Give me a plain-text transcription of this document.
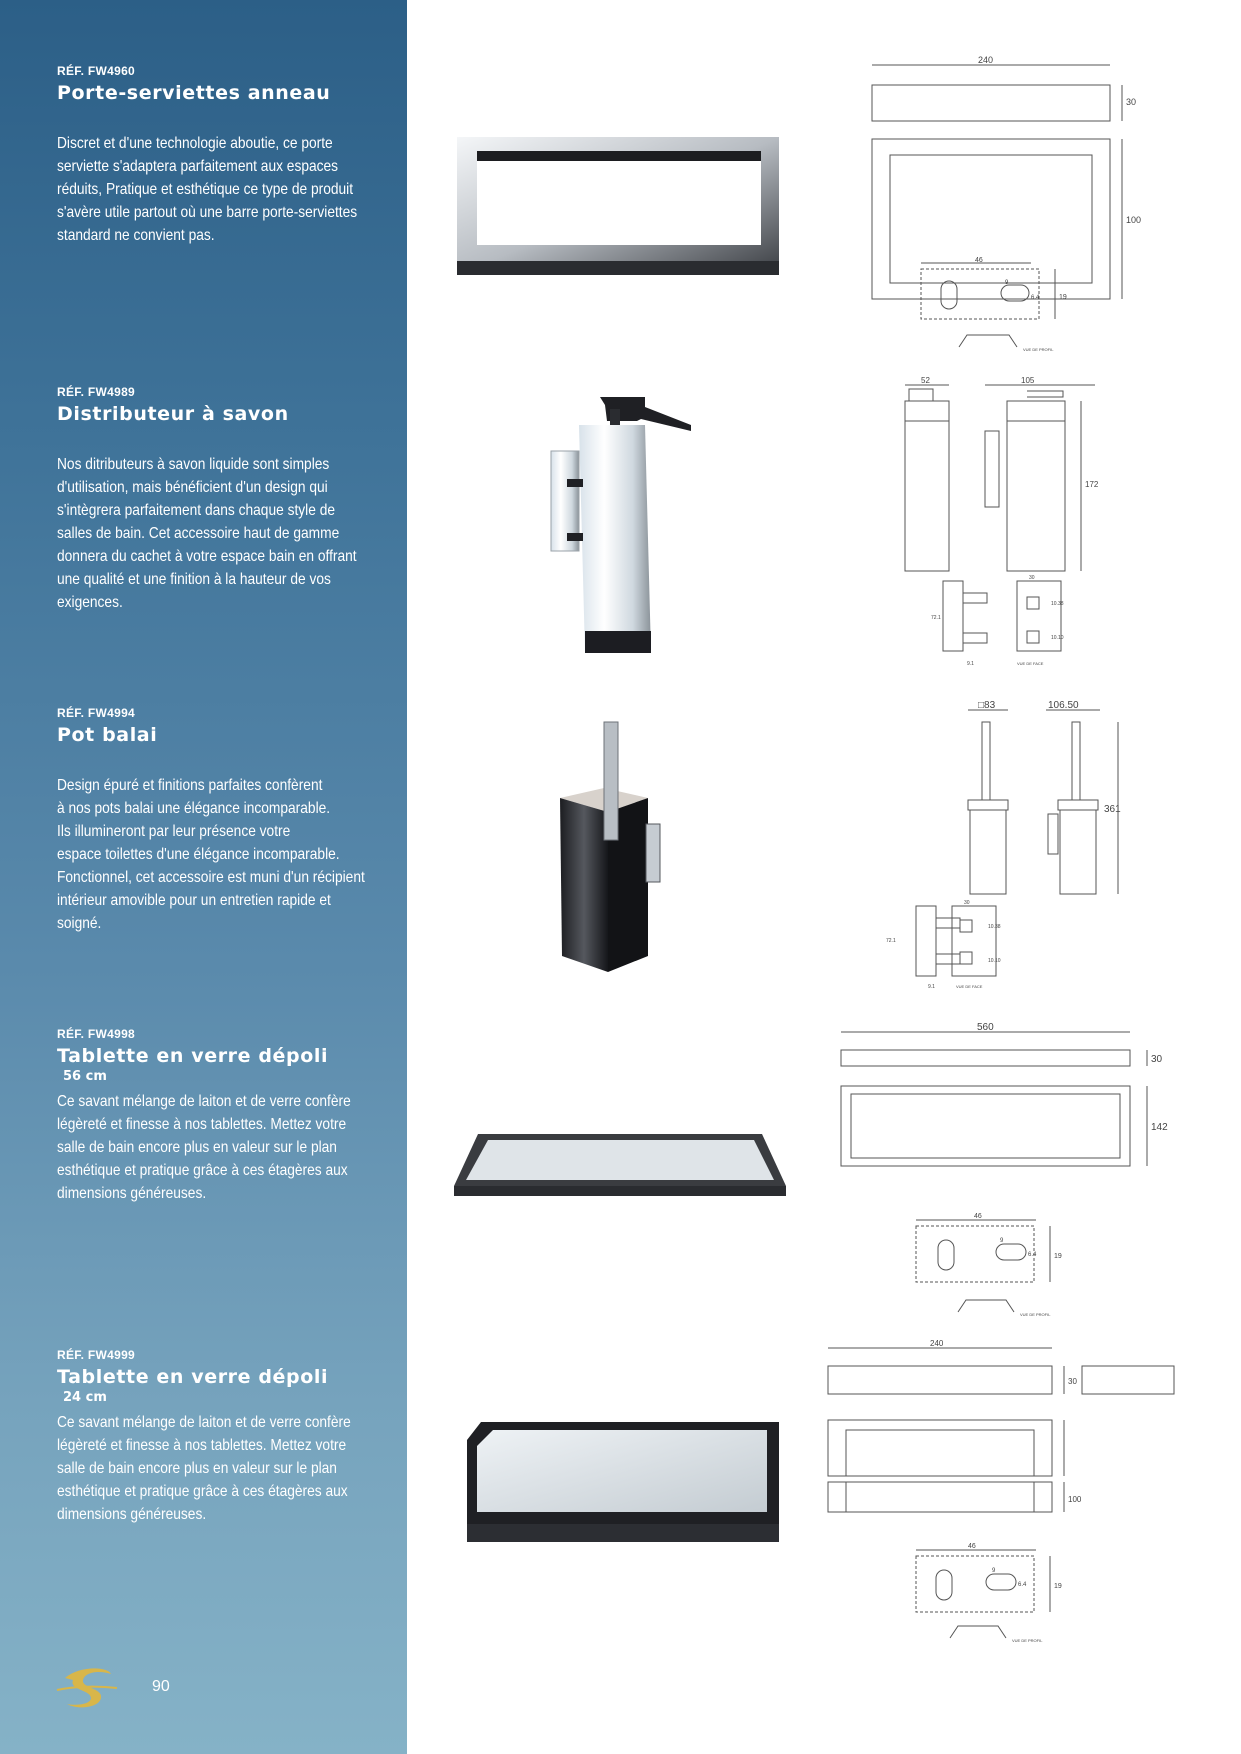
RÉF. FW4960

Porte-serviettes anneau

Discret et d'une technologie aboutie, ce porte
serviette s'adaptera parfaitement aux espaces
réduits, Pratique et esthétique ce type de produit
s'avère utile partout où une barre porte-serviettes
standard ne convient pas.

RÉF. FW4989

Distributeur à savon

Nos ditributeurs à savon liquide sont simples
d'utilisation, mais bénéficient d'un design qui
s'intègrera parfaitement dans chaque style de
salles de bain. Cet accessoire haut de gamme
donnera du cachet à votre espace bain en offrant
une qualité et une finition à la hauteur de vos
exigences.

RÉF. FW4994

Pot balai

Design épuré et finitions parfaites confèrent
à nos pots balai une élégance incomparable.
Ils illumineront par leur présence votre
espace toilettes d'une élégance incomparable.
Fonctionnel, cet accessoire est muni d'un récipient
intérieur amovible pour un entretien rapide et
soigné.

RÉF. FW4998

Tablette en verre dépoli

56 cm

Ce savant mélange de laiton et de verre confère
légèreté et finesse à nos tablettes. Mettez votre
salle de bain encore plus en valeur sur le plan
esthétique et pratique grâce à ces étagères aux
dimensions généreuses.

RÉF. FW4999

Tablette en verre dépoli

24 cm

Ce savant mélange de laiton et de verre confère
légèreté et finesse à nos tablettes. Mettez votre
salle de bain encore plus en valeur sur le plan
esthétique et pratique grâce à ces étagères aux
dimensions généreuses.
90
240
30
100
46
9
6.4	19
VUE DE PROFIL
52	105
172
30
72.1
10.38
10.10
9.1	VUE DE FACE
□83	106.50
361
30
72.1
10.38
10.10
9.1	VUE DE FACE
560
30
142
46
9
6.4	19
VUE DE PROFIL
240
30
100
46
9
6.4	19
VUE DE PROFIL
